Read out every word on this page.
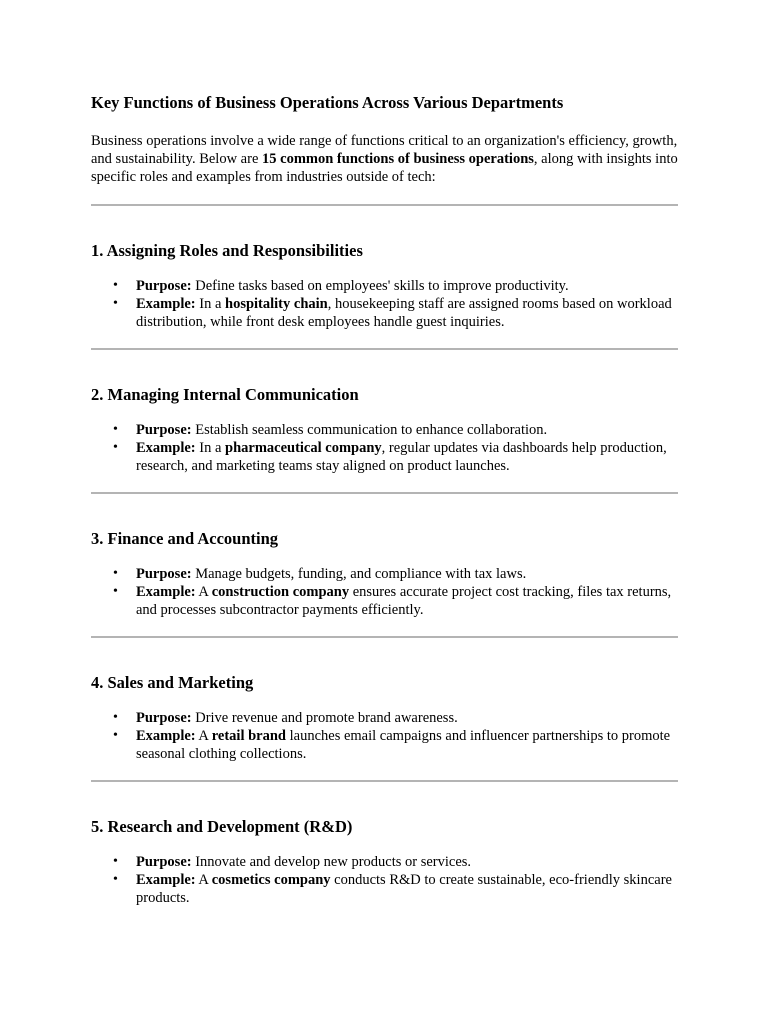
Key Functions of Business Operations Across Various Departments

Business operations involve a wide range of functions critical to an organization's efficiency, growth, and sustainability. Below are 15 common functions of business operations, along with insights into specific roles and examples from industries outside of tech:

1. Assigning Roles and Responsibilities
• Purpose: Define tasks based on employees' skills to improve productivity.
• Example: In a hospitality chain, housekeeping staff are assigned rooms based on workload distribution, while front desk employees handle guest inquiries.
2. Managing Internal Communication
• Purpose: Establish seamless communication to enhance collaboration.
• Example: In a pharmaceutical company, regular updates via dashboards help production, research, and marketing teams stay aligned on product launches.
3. Finance and Accounting
• Purpose: Manage budgets, funding, and compliance with tax laws.
• Example: A construction company ensures accurate project cost tracking, files tax returns, and processes subcontractor payments efficiently.
4. Sales and Marketing
• Purpose: Drive revenue and promote brand awareness.
• Example: A retail brand launches email campaigns and influencer partnerships to promote seasonal clothing collections.
5. Research and Development (R&D)
• Purpose: Innovate and develop new products or services.
• Example: A cosmetics company conducts R&D to create sustainable, eco-friendly skincare products.
